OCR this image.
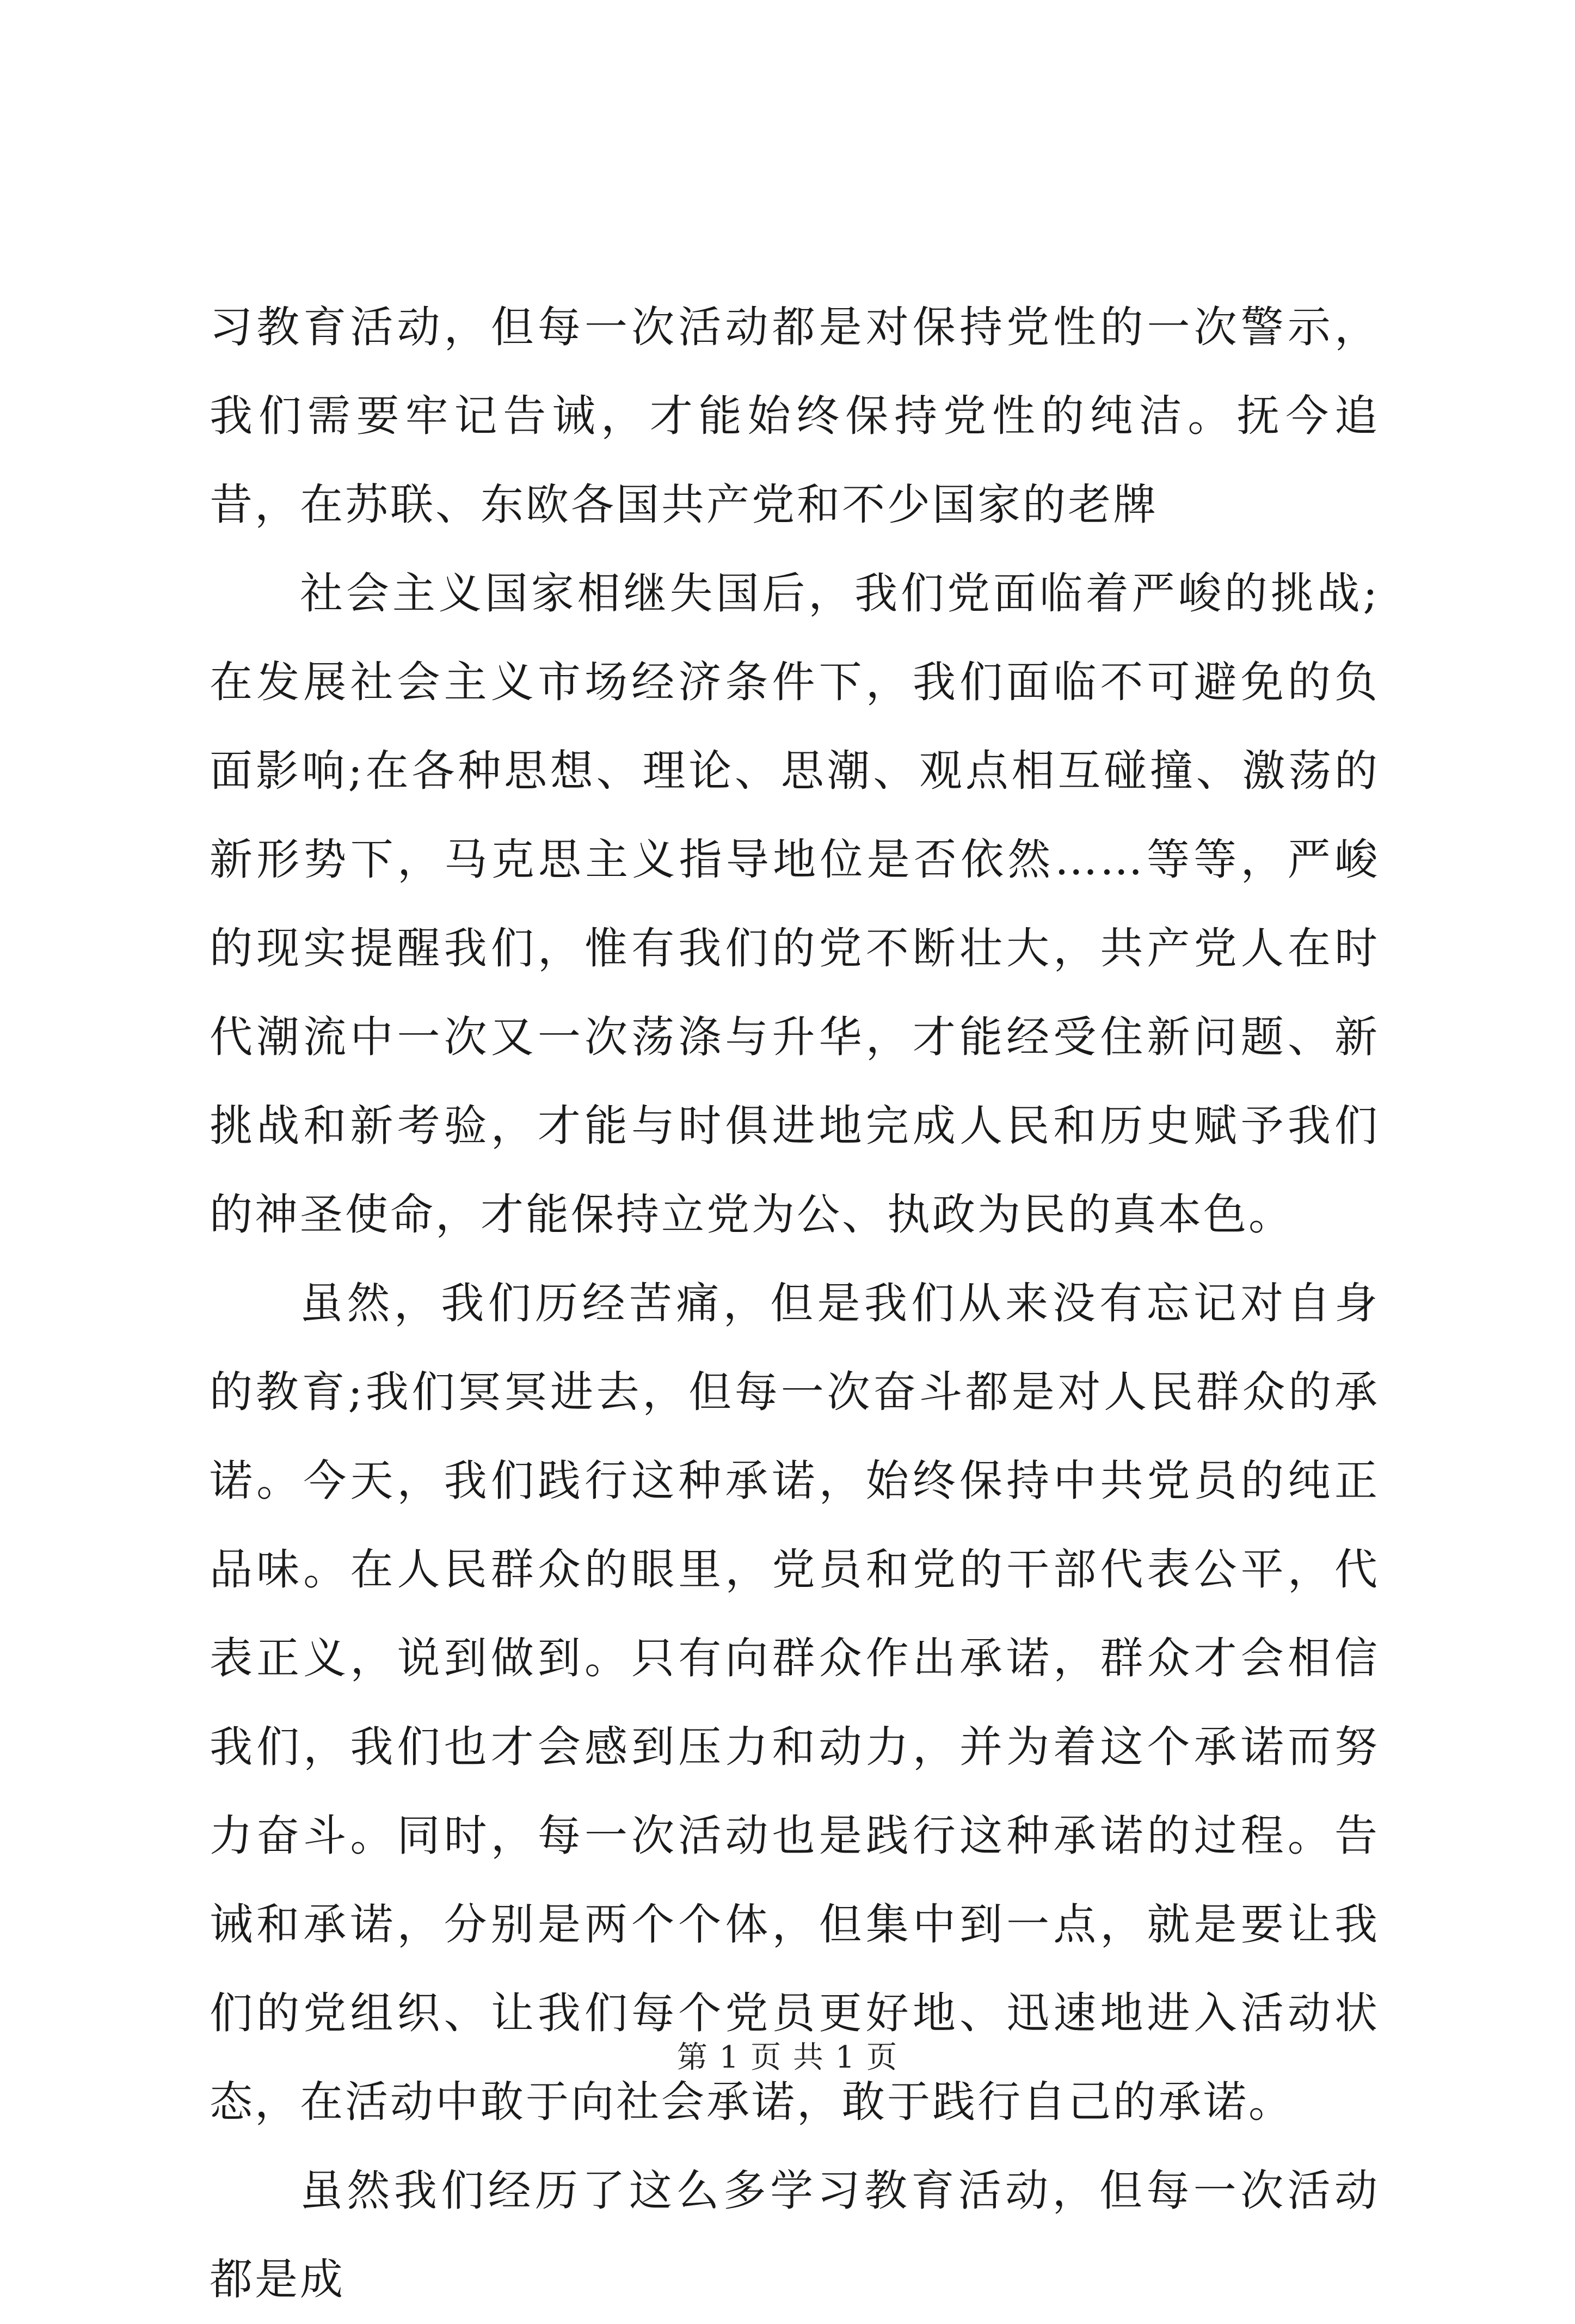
习教育活动，但每一次活动都是对保持党性的一次警示，我们需要牢记告诫，才能始终保持党性的纯洁。抚今追昔，在苏联、东欧各国共产党和不少国家的老牌

社会主义国家相继失国后，我们党面临着严峻的挑战;在发展社会主义市场经济条件下，我们面临不可避免的负面影响;在各种思想、理论、思潮、观点相互碰撞、激荡的新形势下，马克思主义指导地位是否依然……等等，严峻的现实提醒我们，惟有我们的党不断壮大，共产党人在时代潮流中一次又一次荡涤与升华，才能经受住新问题、新挑战和新考验，才能与时俱进地完成人民和历史赋予我们的神圣使命，才能保持立党为公、执政为民的真本色。

虽然，我们历经苦痛，但是我们从来没有忘记对自身的教育;我们冥冥进去，但每一次奋斗都是对人民群众的承诺。今天，我们践行这种承诺，始终保持中共党员的纯正品味。在人民群众的眼里，党员和党的干部代表公平，代表正义，说到做到。只有向群众作出承诺，群众才会相信我们，我们也才会感到压力和动力，并为着这个承诺而努力奋斗。同时，每一次活动也是践行这种承诺的过程。告诫和承诺，分别是两个个体，但集中到一点，就是要让我们的党组织、让我们每个党员更好地、迅速地进入活动状态，在活动中敢于向社会承诺，敢于践行自己的承诺。

虽然我们经历了这么多学习教育活动，但每一次活动都是成

第 1 页 共 1 页
